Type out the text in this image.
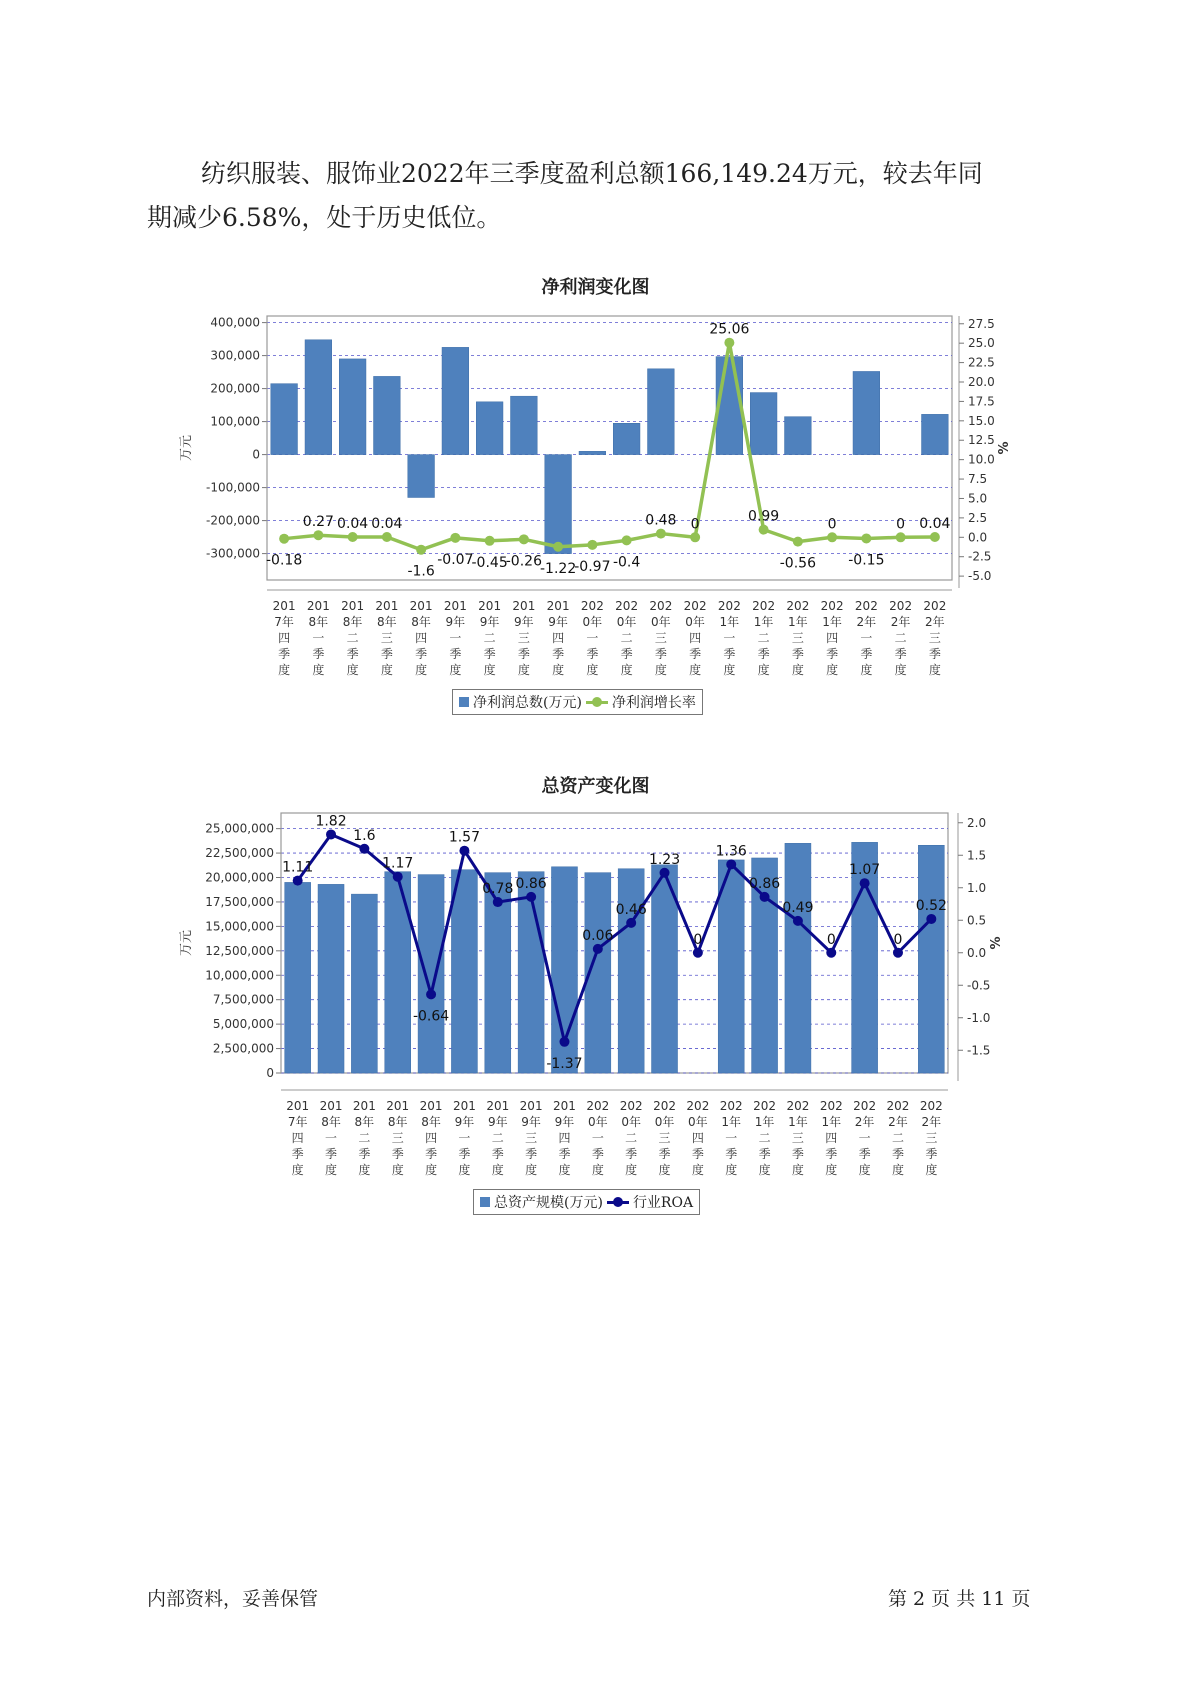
纺织服装、服饰业2022年三季度盈利总额166,149.24万元，较去年同
期减少6.58%，处于历史低位。

净利润变化图
400,000
300,000
200,000
100,000
0
-100,000
-200,000
-300,000
27.5
25.0
22.5
20.0
17.5
15.0
12.5
10.0
7.5
5.0
2.5
0.0
-2.5
-5.0
万元	%
201
7年
四
季
度
201
8年
一
季
度
201
8年
二
季
度
201
8年
三
季
度
201
8年
四
季
度
201
9年
一
季
度
201
9年
二
季
度
201
9年
三
季
度
201
9年
四
季
度
202
0年
一
季
度
202
0年
二
季
度
202
0年
三
季
度
202
0年
四
季
度
202
1年
一
季
度
202
1年
二
季
度
202
1年
三
季
度
202
1年
四
季
度
202
2年
一
季
度
202
2年
二
季
度
202
2年
三
季
度
-0.18
0.27 0.04 0.04
-1.6
-0.07
-0.45
-0.26
-1.22
-0.97 -0.4
0.48 0
25.06
0.99
-0.56
0
-0.15
0 0.04
净利润总数(万元) 净利润增长率
总资产变化图
25,000,000
22,500,000
20,000,000
17,500,000
15,000,000
12,500,000
10,000,000
7,500,000
5,000,000
2,500,000
0
2.0
1.5
1.0
0.5
0.0
-0.5
-1.0
-1.5
万元	%
201
7年
四
季
度
201
8年
一
季
度
201
8年
二
季
度
201
8年
三
季
度
201
8年
四
季
度
201
9年
一
季
度
201
9年
二
季
度
201
9年
三
季
度
201
9年
四
季
度
202
0年
一
季
度
202
0年
二
季
度
202
0年
三
季
度
202
0年
四
季
度
202
1年
一
季
度
202
1年
二
季
度
202
1年
三
季
度
202
1年
四
季
度
202
2年
一
季
度
202
2年
二
季
度
202
2年
三
季
度
1.11
1.82
1.6
1.17
-0.64
1.57
0.78 0.86
-1.37
0.06
0.46
1.23
0
1.36
0.86
0.49
0
1.07
0
0.52
总资产规模(万元) 行业ROA
内部资料，妥善保管	第 2 页 共 11 页
